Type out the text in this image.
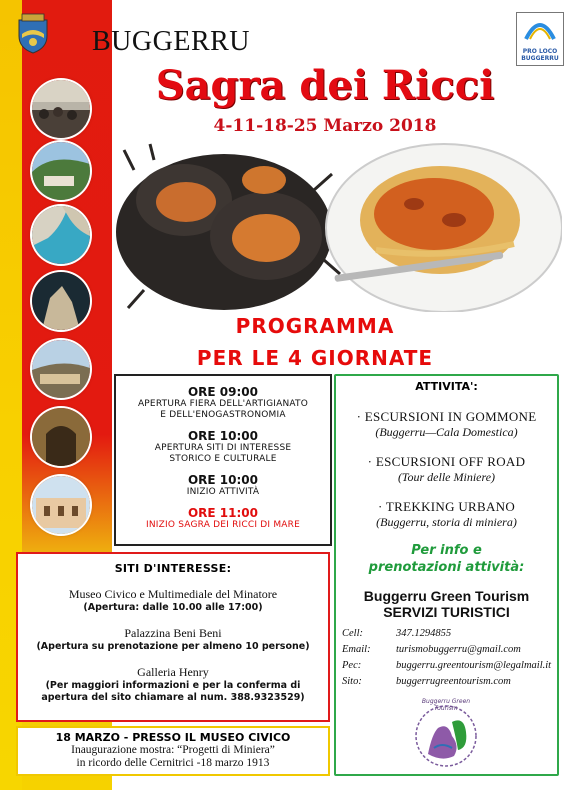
BUGGERRU	PRO LOCO
BUGGERRU
Sagra dei Ricci
4-11-18-25 Marzo 2018
PROGRAMMA
PER LE 4 GIORNATE
ORE 09:00
APERTURA FIERA DELL'ARTIGIANATO
E DELL'ENOGASTRONOMIA
ORE 10:00
APERTURA SITI DI INTERESSE
STORICO E CULTURALE
ORE 10:00
INIZIO ATTIVITÀ
ORE 11:00
INIZIO SAGRA DEI RICCI DI MARE
ATTIVITA':
· ESCURSIONI IN GOMMONE
(Buggerru—Cala Domestica)
· ESCURSIONI OFF ROAD
(Tour delle Miniere)
· TREKKING URBANO
(Buggerru, storia di miniera)
Per info e
prenotazioni attività:
Buggerru Green Tourism
SERVIZI TURISTICI
Cell:	347.1294855
Email: turismobuggerru@gmail.com
Pec:	buggerru.greentourism@legalmail.it
Sito:	buggerrugreentourism.com
Buggerru Green Tourism
SITI D'INTERESSE:
Museo Civico e Multimediale del Minatore
(Apertura: dalle 10.00 alle 17:00)
Palazzina Beni Beni
(Apertura su prenotazione per almeno 10 persone)
Galleria Henry
(Per maggiori informazioni e per la conferma di
apertura del sito chiamare al num. 388.9323529)
18 MARZO - PRESSO IL MUSEO CIVICO
Inaugurazione mostra: “Progetti di Miniera”
in ricordo delle Cernitrici -18 marzo 1913
